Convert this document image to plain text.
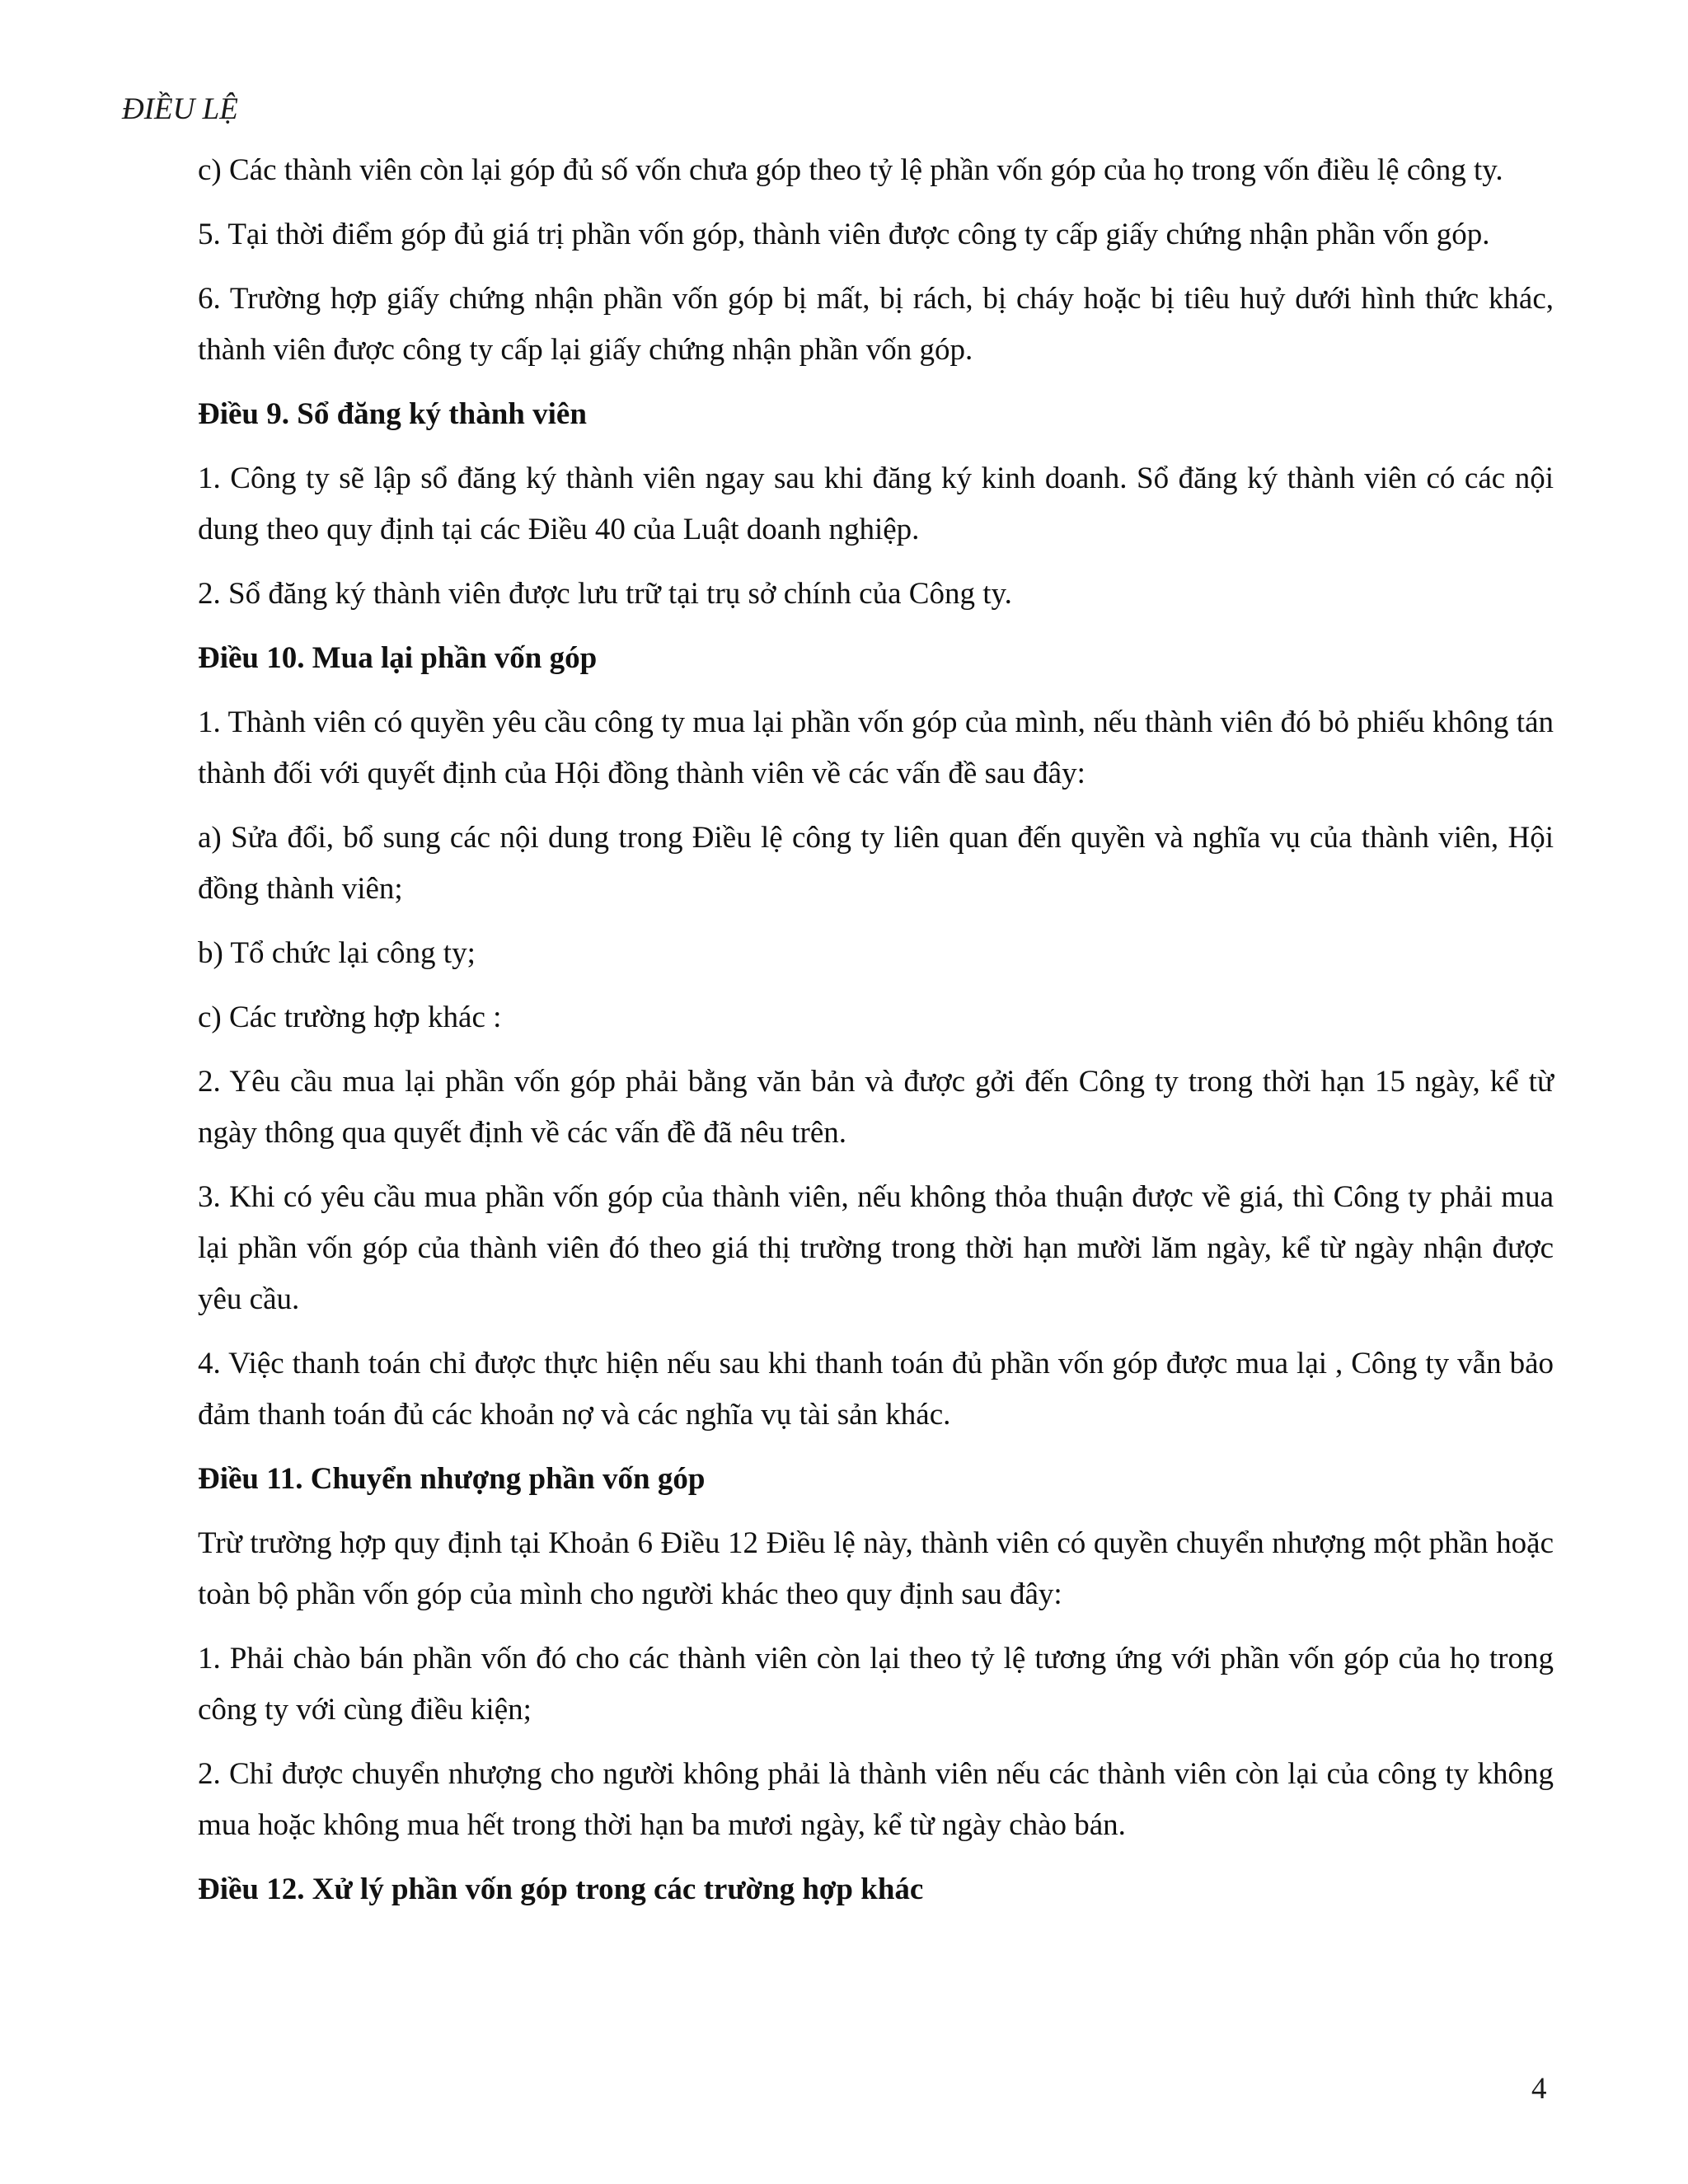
ĐIỀU LỆ

c) Các thành viên còn lại góp đủ số vốn chưa góp theo tỷ lệ phần vốn góp của họ trong vốn điều lệ công ty.

5. Tại thời điểm góp đủ giá trị phần vốn góp, thành viên được công ty cấp giấy chứng nhận phần vốn góp.

6. Trường hợp giấy chứng nhận phần vốn góp bị mất, bị rách, bị cháy hoặc bị tiêu huỷ dưới hình thức khác, thành viên được công ty cấp lại giấy chứng nhận phần vốn góp.

Điều 9. Sổ đăng ký thành viên

1. Công ty sẽ lập sổ đăng ký thành viên ngay sau khi đăng ký kinh doanh. Sổ đăng ký thành viên có các nội dung theo quy định tại các Điều 40 của Luật doanh nghiệp.

2. Sổ đăng ký thành viên được lưu trữ tại trụ sở chính của Công ty.

Điều 10. Mua lại phần vốn góp

1. Thành viên có quyền yêu cầu công ty mua lại phần vốn góp của mình, nếu thành viên đó bỏ phiếu không tán thành đối với quyết định của Hội đồng thành viên về các vấn đề sau đây:

a) Sửa đổi, bổ sung các nội dung trong Điều lệ công ty liên quan đến quyền và nghĩa vụ của thành viên, Hội đồng thành viên;

b) Tổ chức lại công ty;

c) Các trường hợp khác :

2. Yêu cầu mua lại phần vốn góp phải bằng văn bản và được gởi đến Công ty trong thời hạn 15 ngày, kể từ ngày thông qua quyết định về các vấn đề đã nêu trên.

3. Khi có yêu cầu mua phần vốn góp của thành viên, nếu không thỏa thuận được về giá, thì Công ty phải mua lại phần vốn góp của thành viên đó theo giá thị trường trong thời hạn mười lăm ngày, kể từ ngày nhận được yêu cầu.

4. Việc thanh toán chỉ được thực hiện nếu sau khi thanh toán đủ phần vốn góp được mua lại , Công ty vẫn bảo đảm thanh toán đủ các khoản nợ và các nghĩa vụ tài sản khác.

Điều 11. Chuyển nhượng phần vốn góp

Trừ trường hợp quy định tại Khoản 6 Điều 12 Điều lệ này, thành viên có quyền chuyển nhượng một phần hoặc toàn bộ phần vốn góp của mình cho người khác theo quy định sau đây:

1. Phải chào bán phần vốn đó cho các thành viên còn lại theo tỷ lệ tương ứng với phần vốn góp của họ trong công ty với cùng điều kiện;

2. Chỉ được chuyển nhượng cho người không phải là thành viên nếu các thành viên còn lại của công ty không mua hoặc không mua hết trong thời hạn ba mươi ngày, kể từ ngày chào bán.

Điều 12. Xử lý phần vốn góp trong các trường hợp khác

4
